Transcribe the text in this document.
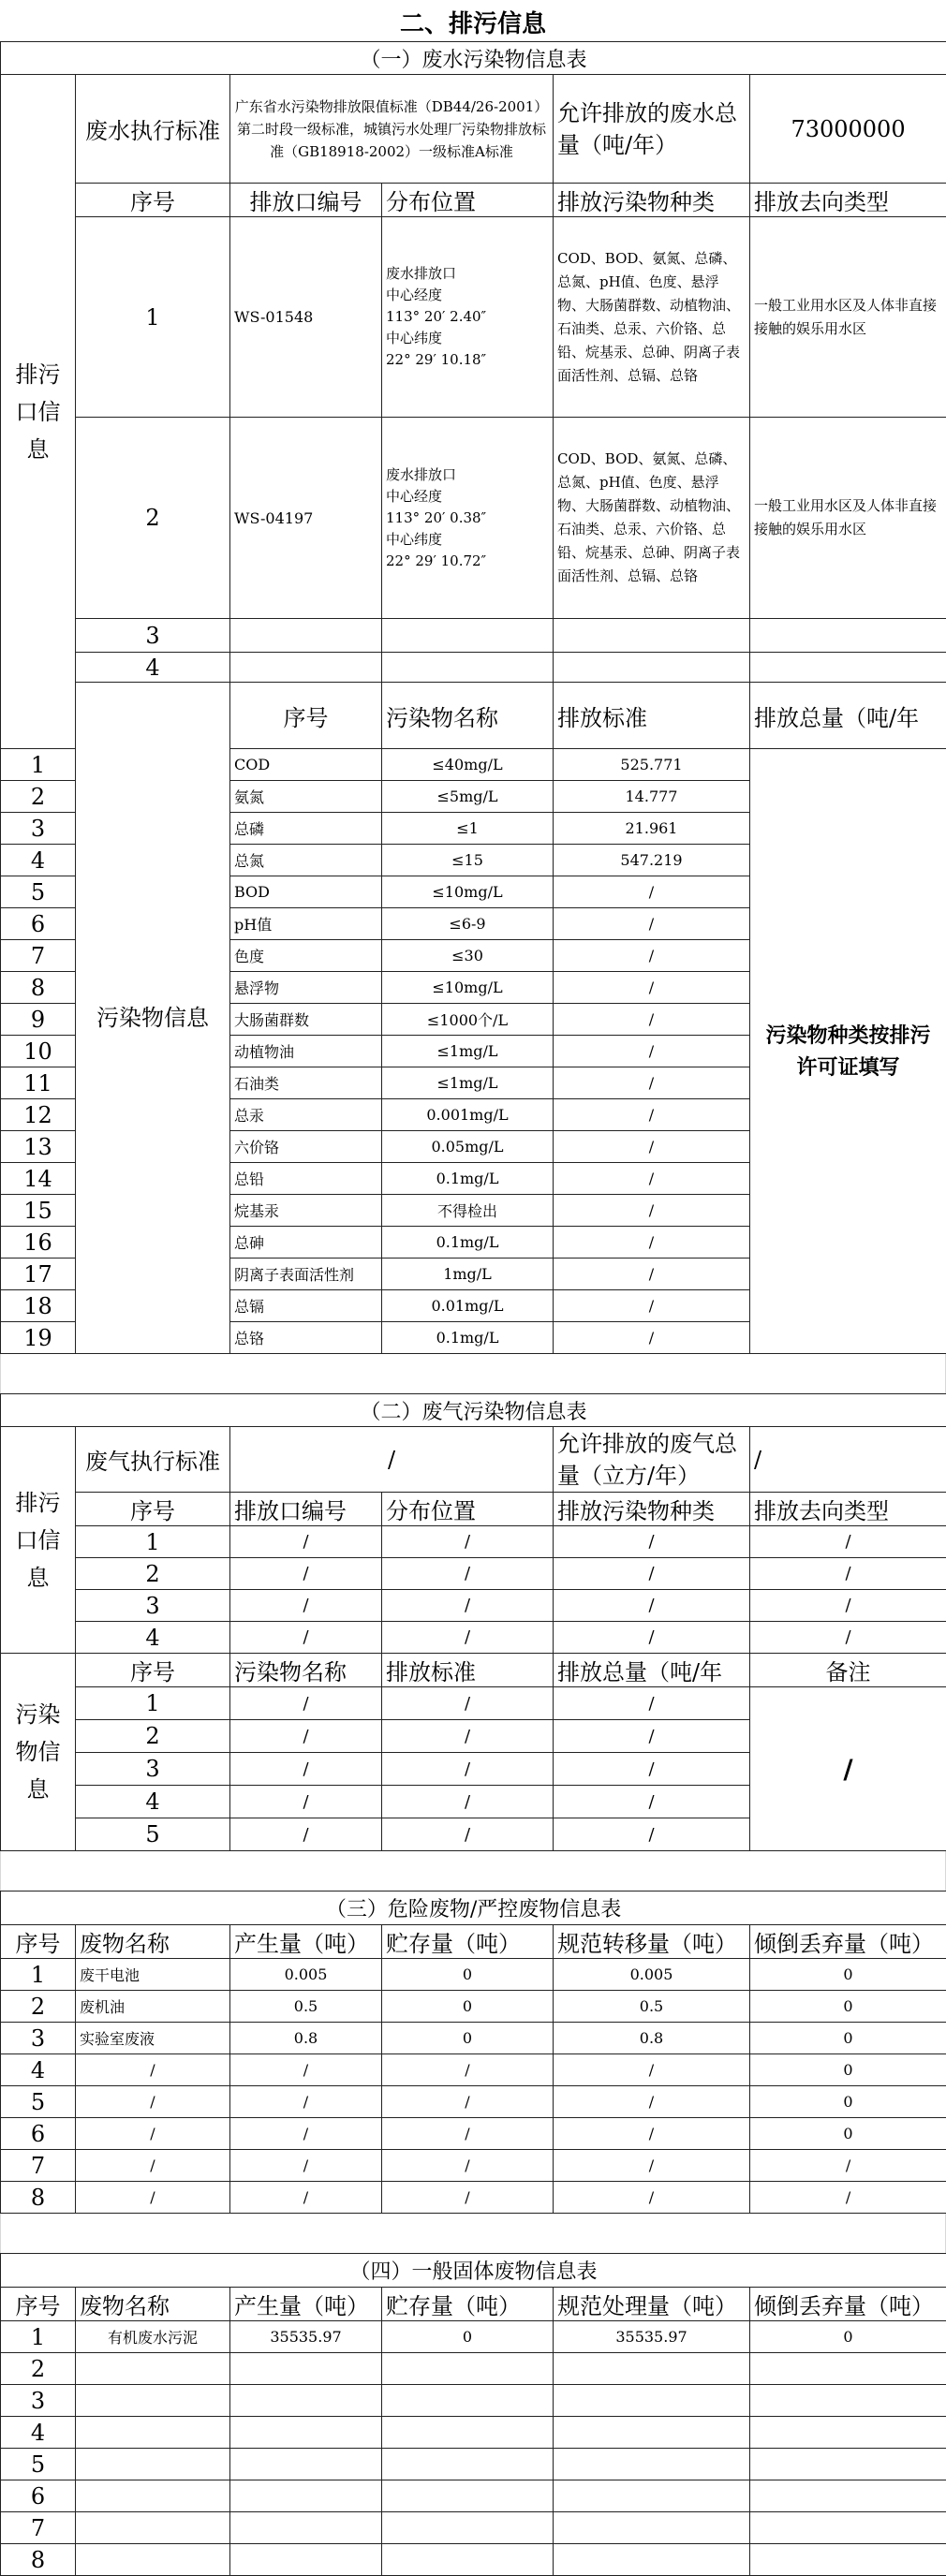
二、排污信息
（一）废水污染物信息表						
排污口信息	废水执行标准	广东省水污染物排放限值标准（DB44/26-2001）第二时段一级标准，城镇污水处理厂污染物排放标准（GB18918-2002）一级标准A标准		允许排放的废水总量（吨/年）	73000000	
	序号	排放口编号	分布位置	排放污染物种类	排放去向类型	
	1	WS-01548	废水排放口
中心经度
113° 20′ 2.40″
中心纬度
22° 29′ 10.18″	COD、BOD、氨氮、总磷、总氮、pH值、色度、悬浮物、大肠菌群数、动植物油、石油类、总汞、六价铬、总铅、烷基汞、总砷、阴离子表面活性剂、总镉、总铬	一般工业用水区及人体非直接接触的娱乐用水区	
	2	WS-04197	废水排放口
中心经度
113° 20′ 0.38″
中心纬度
22° 29′ 10.72″	COD、BOD、氨氮、总磷、总氮、pH值、色度、悬浮物、大肠菌群数、动植物油、石油类、总汞、六价铬、总铅、烷基汞、总砷、阴离子表面活性剂、总镉、总铬	一般工业用水区及人体非直接接触的娱乐用水区	
	3					
	4					
	污染物信息	序号	污染物名称	排放标准	排放总量（吨/年	
1		COD	≤40mg/L	525.771	污染物种类按排污许可证填写	
2		氨氮	≤5mg/L	14.777		
3		总磷	≤1	21.961		
4		总氮	≤15	547.219		
5		BOD	≤10mg/L	/		
6		pH值	≤6-9	/		
7		色度	≤30	/		
8		悬浮物	≤10mg/L	/		
9		大肠菌群数	≤1000个/L	/		
10		动植物油	≤1mg/L	/		
11		石油类	≤1mg/L	/		
12		总汞	0.001mg/L	/		
13		六价铬	0.05mg/L	/		
14		总铅	0.1mg/L	/		
15		烷基汞	不得检出	/		
16		总砷	0.1mg/L	/		
17		阴离子表面活性剂	1mg/L	/		
18		总镉	0.01mg/L	/		
19		总铬	0.1mg/L	/		
（二）废气污染物信息表					
排污口信息	废气执行标准	/		允许排放的废气总量（立方/年）	/
	序号	排放口编号	分布位置	排放污染物种类	排放去向类型
	1	/	/	/	/
	2	/	/	/	/
	3	/	/	/	/
	4	/	/	/	/
污染物信息	序号	污染物名称	排放标准	排放总量（吨/年	备注
	1	/	/	/	/
	2	/	/	/	
	3	/	/	/	
	4	/	/	/	
	5	/	/	/	
（三）危险废物/严控废物信息表					
序号	废物名称	产生量（吨）	贮存量（吨）	规范转移量（吨）	倾倒丢弃量（吨）
1	废干电池	0.005	0	0.005	0
2	废机油	0.5	0	0.5	0
3	实验室废液	0.8	0	0.8	0
4	/	/	/	/	0
5	/	/	/	/	0
6	/	/	/	/	0
7	/	/	/	/	/
8	/	/	/	/	/
（四）一般固体废物信息表					
序号	废物名称	产生量（吨）	贮存量（吨）	规范处理量（吨）	倾倒丢弃量（吨）
1	有机废水污泥	35535.97	0	35535.97	0
2					
3					
4					
5					
6					
7					
8					
